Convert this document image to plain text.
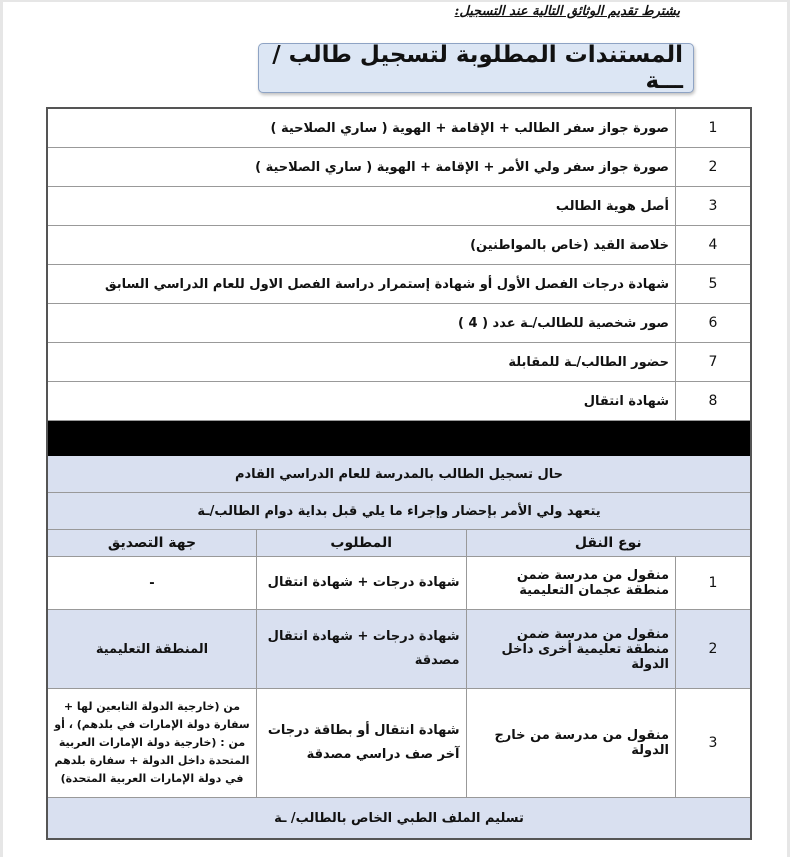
يشترط تقديم الوثائق التالية عند التسجيل:
المستندات المطلوبة لتسجيل طالب / ـــة
1	صورة جواز سفر الطالب + الإقامة + الهوية ( ساري الصلاحية )		
2	صورة جواز سفر ولي الأمر + الإقامة + الهوية ( ساري الصلاحية )		
3	أصل هوية الطالب		
4	خلاصة القيد (خاص بالمواطنين)		
5	شهادة درجات الفصل الأول أو شهادة إستمرار دراسة الفصل الاول للعام الدراسي السابق		
6	صور شخصية للطالب/ـة عدد ( 4 )		
7	حضور الطالب/ـة للمقابلة		
8	شهادة انتقال		

حال تسجيل الطالب بالمدرسة للعام الدراسي القادم			
يتعهد ولي الأمر بإحضار وإجراء ما يلي قبل بداية دوام الطالب/ـة			
نوع النقل		المطلوب	جهة التصديق
1	منقول من مدرسة ضمن منطقة عجمان التعليمية	شهادة درجات + شهادة انتقال	-
2	منقول من مدرسة ضمن منطقة تعليمية أخرى داخل الدولة	شهادة درجات + شهادة انتقال مصدقة	المنطقة التعليمية
3	منقول من مدرسة من خارج الدولة	شهادة انتقال أو بطاقة درجات آخر صف دراسي مصدقة	من (خارجية الدولة التابعين لها + سفارة دولة الإمارات في بلدهم) ، أو من : (خارجية دولة الإمارات العربية المتحدة داخل الدولة + سفارة بلدهم في دولة الإمارات العربية المتحدة)
تسليم الملف الطبي الخاص بالطالب/ ـة			
